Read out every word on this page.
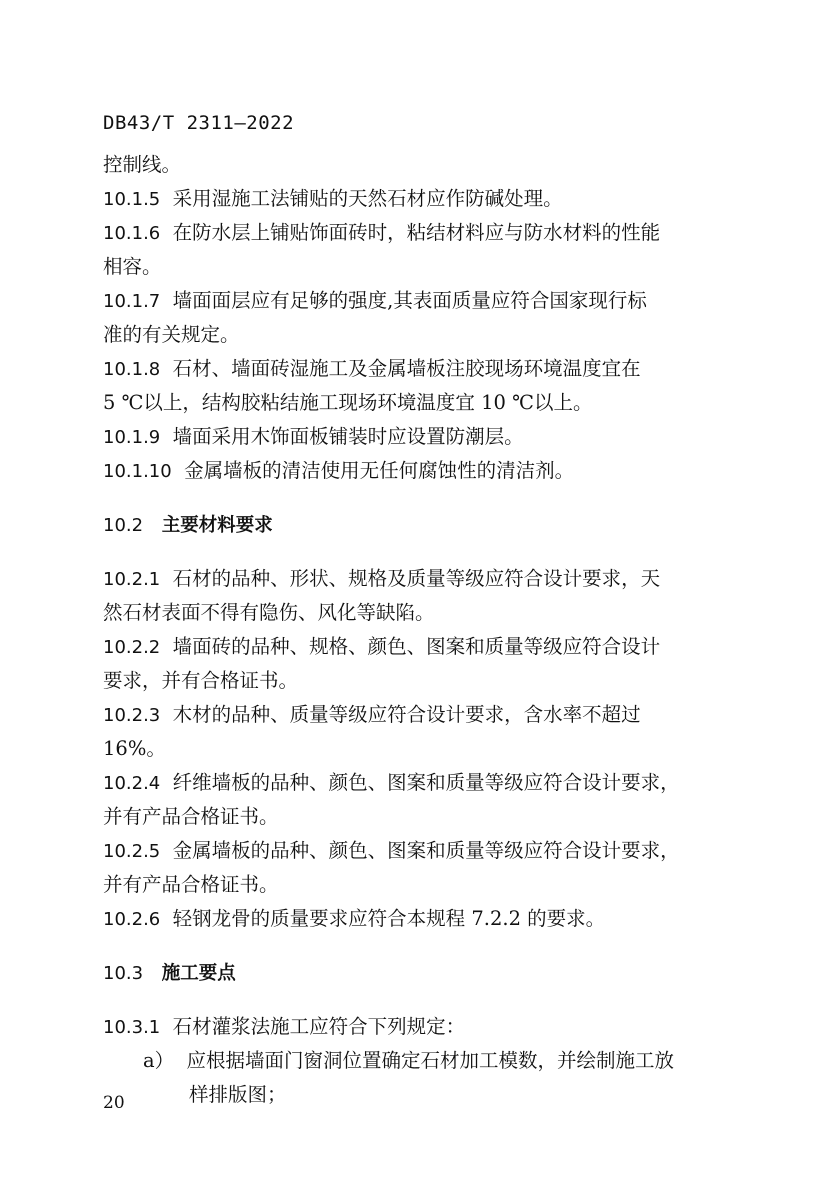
DB43/T 2311—2022
控制线。
10.1.5 采用湿施工法铺贴的天然石材应作防碱处理。
10.1.6 在防水层上铺贴饰面砖时，粘结材料应与防水材料的性能
相容。
10.1.7 墙面面层应有足够的强度,其表面质量应符合国家现行标
准的有关规定。
10.1.8 石材、墙面砖湿施工及金属墙板注胶现场环境温度宜在
5 ℃以上，结构胶粘结施工现场环境温度宜 10 ℃以上。
10.1.9 墙面采用木饰面板铺装时应设置防潮层。
10.1.10 金属墙板的清洁使用无任何腐蚀性的清洁剂。
10.2 主要材料要求
10.2.1 石材的品种、形状、规格及质量等级应符合设计要求，天
然石材表面不得有隐伤、风化等缺陷。
10.2.2 墙面砖的品种、规格、颜色、图案和质量等级应符合设计
要求，并有合格证书。
10.2.3 木材的品种、质量等级应符合设计要求，含水率不超过
16%。
10.2.4 纤维墙板的品种、颜色、图案和质量等级应符合设计要求，
并有产品合格证书。
10.2.5 金属墙板的品种、颜色、图案和质量等级应符合设计要求，
并有产品合格证书。
10.2.6 轻钢龙骨的质量要求应符合本规程 7.2.2 的要求。
10.3 施工要点
10.3.1 石材灌浆法施工应符合下列规定：
a） 应根据墙面门窗洞位置确定石材加工模数，并绘制施工放
样排版图；
20
